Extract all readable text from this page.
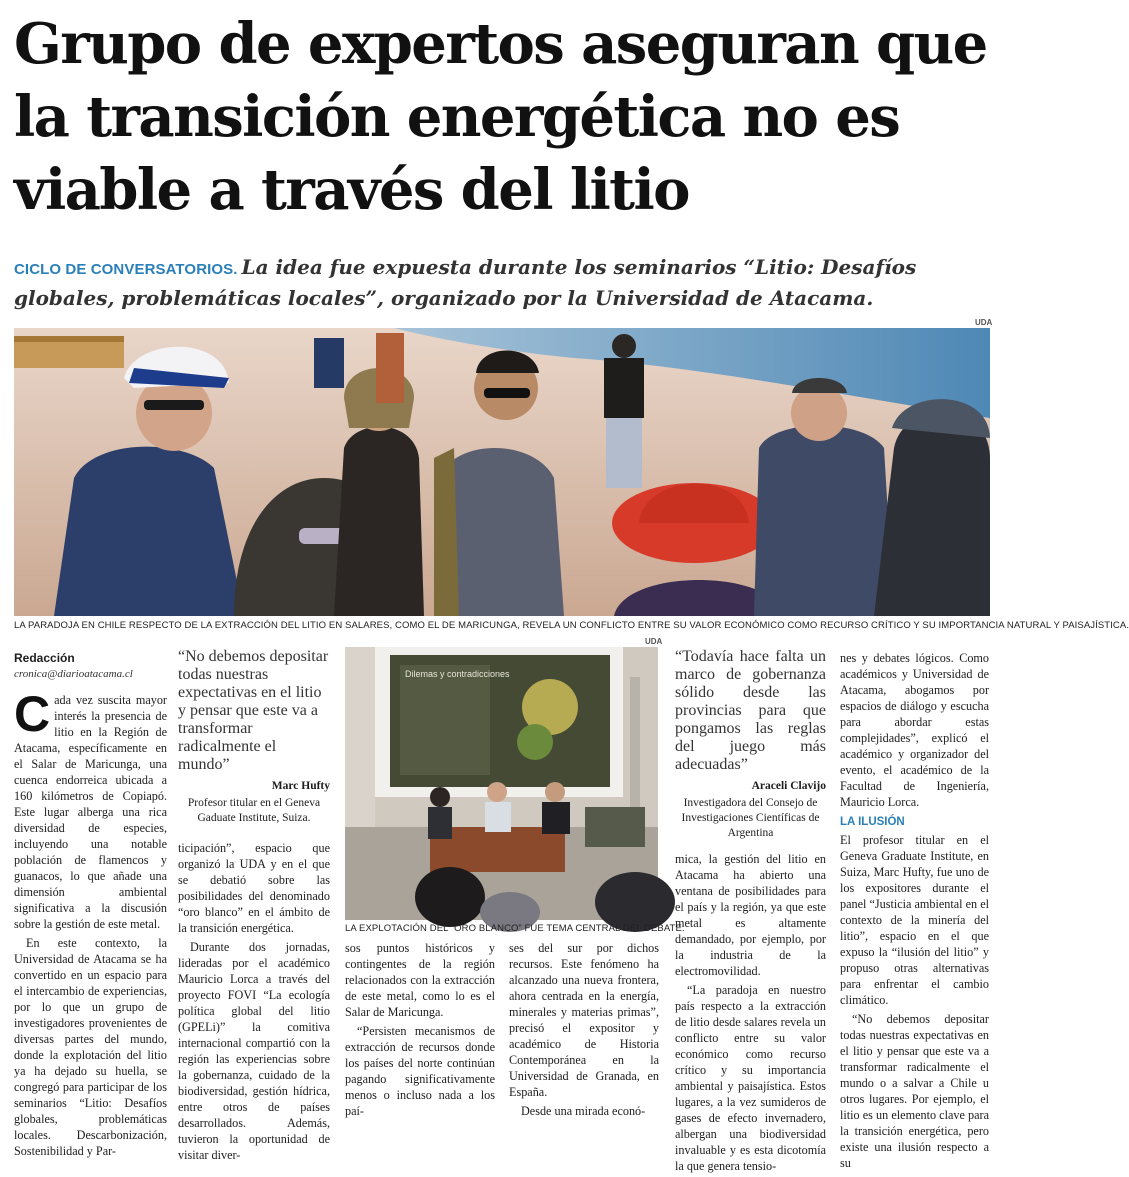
Grupo de expertos aseguran que
la transición energética no es
viable a través del litio

CICLO DE CONVERSATORIOS. La idea fue expuesta durante los seminarios “Litio: Desafíos globales, problemáticas locales”, organizado por la Universidad de Atacama.

UDA
LA PARADOJA EN CHILE RESPECTO DE LA EXTRACCIÓN DEL LITIO EN SALARES, COMO EL DE MARICUNGA, REVELA UN CONFLICTO ENTRE SU VALOR ECONÓMICO COMO RECURSO CRÍTICO Y SU IMPORTANCIA NATURAL Y PAISAJÍSTICA.
Redacción
cronica@diarioatacama.cl

Cada vez suscita mayor interés la presencia de litio en la Región de Atacama, específicamente en el Salar de Maricunga, una cuenca endorreica ubicada a 160 kilómetros de Copiapó. Este lugar alberga una rica diversidad de especies, incluyendo una notable población de flamencos y guanacos, lo que añade una dimensión ambiental significativa a la discusión sobre la gestión de este metal.

En este contexto, la Universidad de Atacama se ha convertido en un espacio para el intercambio de experiencias, por lo que un grupo de investigadores provenientes de diversas partes del mundo, donde la explotación del litio ya ha dejado su huella, se congregó para participar de los seminarios “Litio: Desafíos globales, problemáticas locales. Descarbonización, Sostenibilidad y Par-

“No debemos depositar todas nuestras expectativas en el litio y pensar que este va a transformar radicalmente el mundo”
Marc Hufty
Profesor titular en el Geneva Gaduate Institute, Suiza.

ticipación”, espacio que organizó la UDA y en el que se debatió sobre las posibilidades del denominado “oro blanco” en el ámbito de la transición energética.

Durante dos jornadas, lideradas por el académico Mauricio Lorca a través del proyecto FOVI “La ecología política global del litio (GPELi)” la comitiva internacional compartió con la región las experiencias sobre la gobernanza, cuidado de la biodiversidad, gestión hídrica, entre otros de países desarrollados. Además, tuvieron la oportunidad de visitar diver-

UDA
Dilemas y contradicciones
LA EXPLOTACIÓN DEL “ORO BLANCO” FUE TEMA CENTRAL DEL DEBATE.

sos puntos históricos y contingentes de la región relacionados con la extracción de este metal, como lo es el Salar de Maricunga.

“Persisten mecanismos de extracción de recursos donde los países del norte continúan pagando significativamente menos o incluso nada a los paí-

ses del sur por dichos recursos. Este fenómeno ha alcanzado una nueva frontera, ahora centrada en la energía, minerales y materias primas”, precisó el expositor y académico de Historia Contemporánea en la Universidad de Granada, en España.

Desde una mirada econó-

“Todavía hace falta un marco de gobernanza sólido desde las provincias para que pongamos las reglas del juego más adecuadas”
Araceli Clavijo
Investigadora del Consejo de Investigaciones Científicas de Argentina

mica, la gestión del litio en Atacama ha abierto una ventana de posibilidades para el país y la región, ya que este metal es altamente demandado, por ejemplo, por la industria de la electromovilidad.

“La paradoja en nuestro país respecto a la extracción de litio desde salares revela un conflicto entre su valor económico como recurso crítico y su importancia ambiental y paisajística. Estos lugares, a la vez sumideros de gases de efecto invernadero, albergan una biodiversidad invaluable y es esta dicotomía la que genera tensio-

nes y debates lógicos. Como académicos y Universidad de Atacama, abogamos por espacios de diálogo y escucha para abordar estas complejidades”, explicó el académico y organizador del evento, el académico de la Facultad de Ingeniería, Mauricio Lorca.

LA ILUSIÓN

El profesor titular en el Geneva Graduate Institute, en Suiza, Marc Hufty, fue uno de los expositores durante el panel “Justicia ambiental en el contexto de la minería del litio”, espacio en el que expuso la “ilusión del litio” y propuso otras alternativas para enfrentar el cambio climático.

“No debemos depositar todas nuestras expectativas en el litio y pensar que este va a transformar radicalmente el mundo o a salvar a Chile u otros lugares. Por ejemplo, el litio es un elemento clave para la transición energética, pero existe una ilusión respecto a su
